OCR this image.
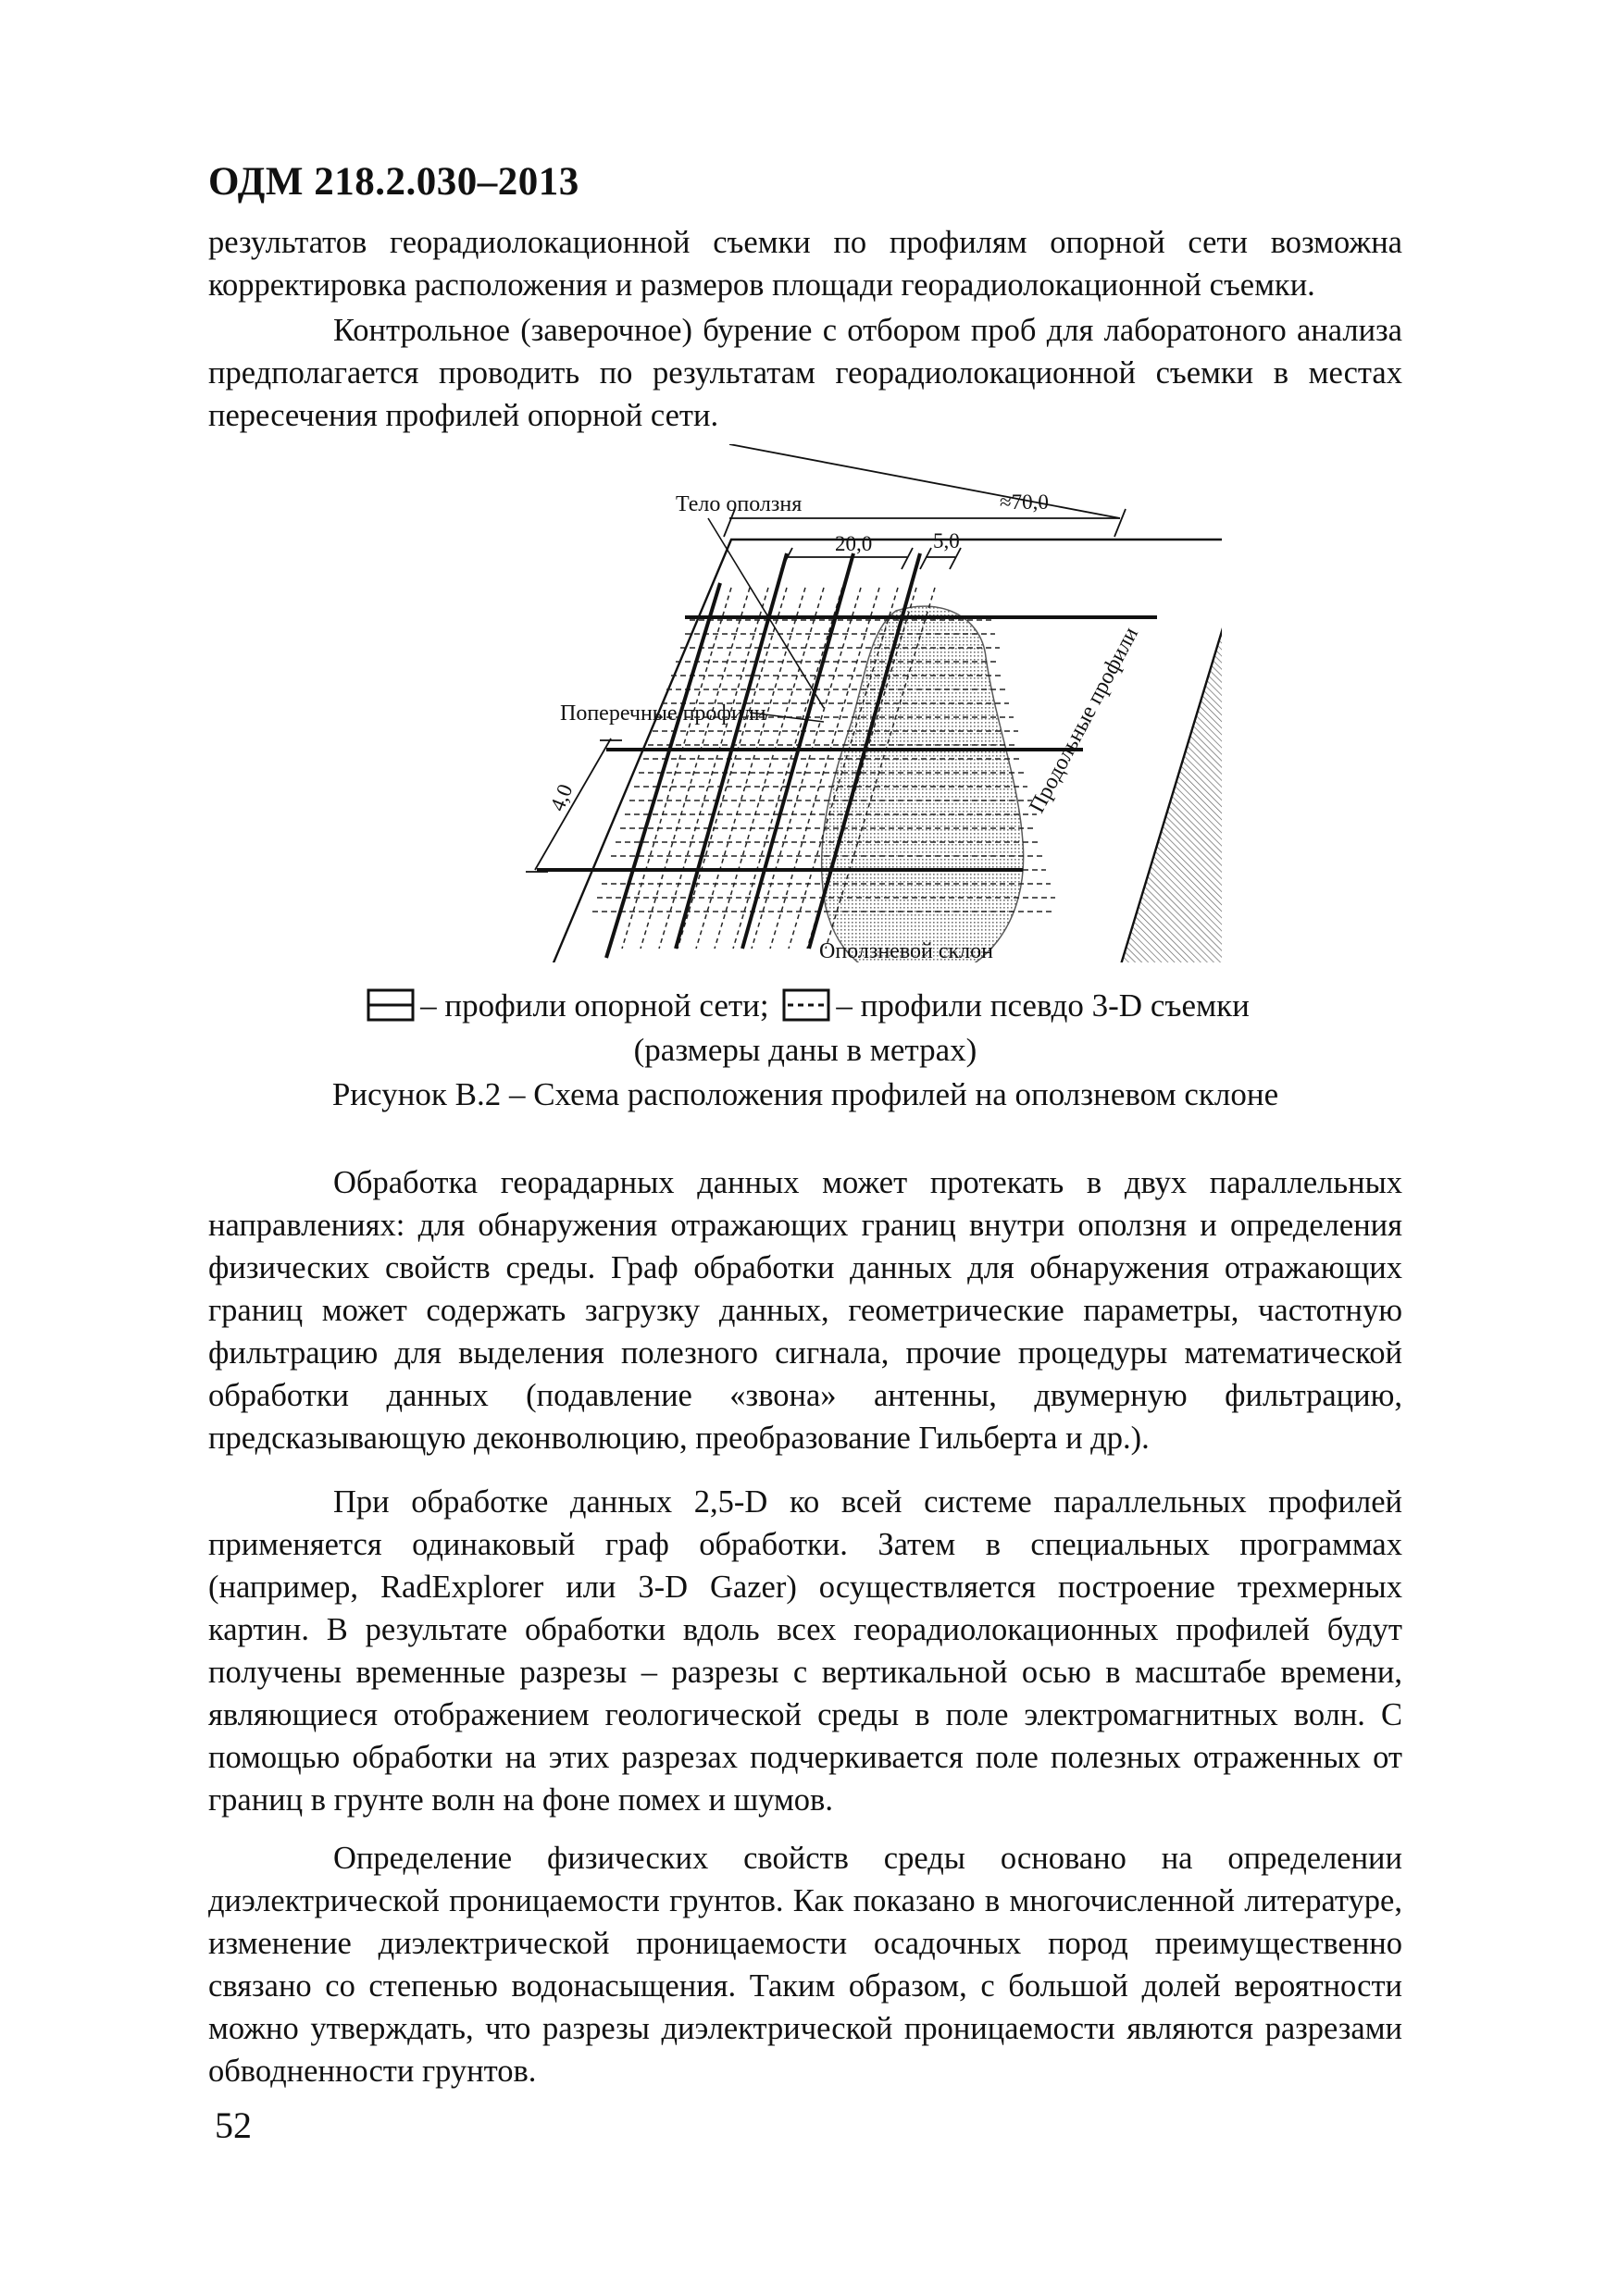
ОДМ 218.2.030–2013

результатов георадиолокационной съемки по профилям опорной сети возможна корректировка расположения и размеров площади георадиолокационной съемки.

Контрольное (заверочное) бурение с отбором проб для лаборатоного анализа предполагается проводить по результатам георадиолокационной съемки в местах пересечения профилей опорной сети.

Тело оползня
Поперечные профили	Продольные профили
Оползневой склон
≈70,0
20,0	5,0
4,0
– профили опорной сети; – профили псевдо 3-D съемки
(размеры даны в метрах)
Рисунок В.2 – Схема расположения профилей на оползневом склоне

Обработка георадарных данных может протекать в двух параллельных направлениях: для обнаружения отражающих границ внутри оползня и определения физических свойств среды. Граф обработки данных для обнаружения отражающих границ может содержать загрузку данных, геометрические параметры, частотную фильтрацию для выделения полезного сигнала, прочие процедуры математической обработки данных (подавление «звона» антенны, двумерную фильтрацию, предсказывающую деконволюцию, преобразование Гильберта и др.).

При обработке данных 2,5-D ко всей системе параллельных профилей применяется одинаковый граф обработки. Затем в специальных программах (например, RadExplorer или 3-D Gazer) осуществляется построение трехмерных картин. В результате обработки вдоль всех георадиолокационных профилей будут получены временные разрезы – разрезы с вертикальной осью в масштабе времени, являющиеся отображением геологической среды в поле электромагнитных волн. С помощью обработки на этих разрезах подчеркивается поле полезных отраженных от границ в грунте волн на фоне помех и шумов.

Определение физических свойств среды основано на определении диэлектрической проницаемости грунтов. Как показано в многочисленной литературе, изменение диэлектрической проницаемости осадочных пород преимущественно связано со степенью водонасыщения. Таким образом, с большой долей вероятности можно утверждать, что разрезы диэлектрической проницаемости являются разрезами обводненности грунтов.

52
